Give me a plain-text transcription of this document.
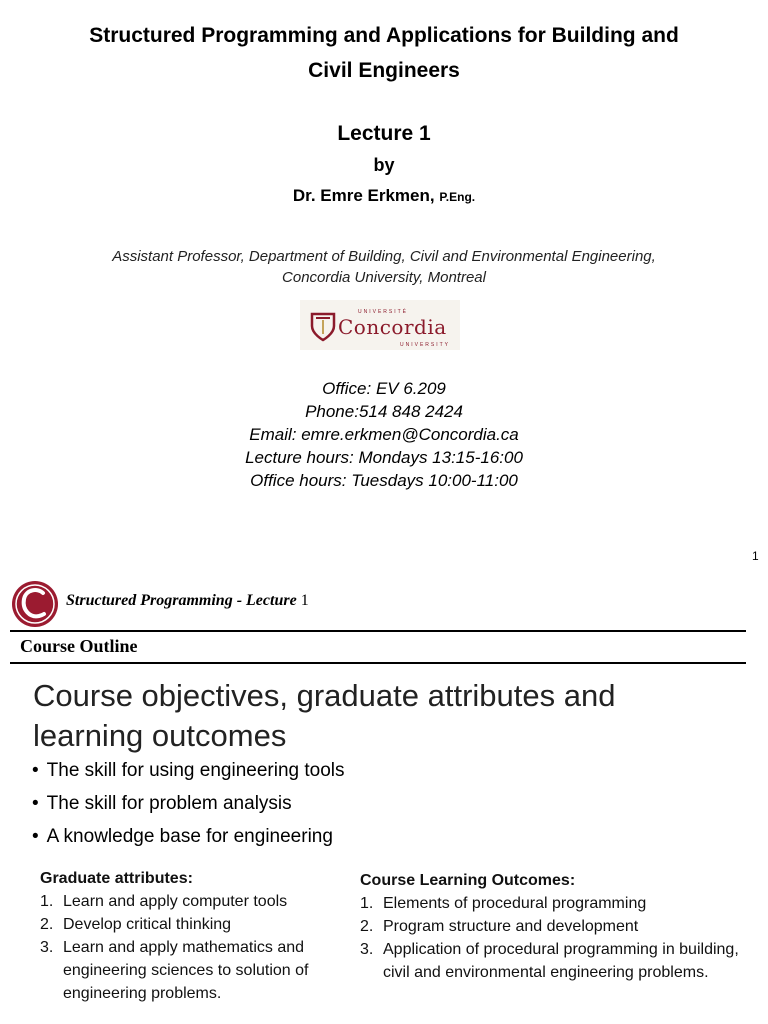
Structured Programming and Applications for Building and
Civil Engineers
Lecture 1
by
Dr. Emre Erkmen, P.Eng.
Assistant Professor, Department of Building, Civil and Environmental Engineering,
Concordia University, Montreal
UNIVERSITÉ
Concordia
UNIVERSITY
Office: EV 6.209
Phone:514 848 2424
Email: emre.erkmen@Concordia.ca
Lecture hours: Mondays 13:15-16:00
Office hours: Tuesdays 10:00-11:00
1
Structured Programming - Lecture 1
Course Outline
Course objectives, graduate attributes and
learning outcomes
• The skill for using engineering tools
• The skill for problem analysis
• A knowledge base for engineering
Graduate attributes:
1. Learn and apply computer tools
2. Develop critical thinking
3. Learn and apply mathematics and engineering sciences to solution of engineering problems.
Course Learning Outcomes:
1. Elements of procedural programming
2. Program structure and development
3. Application of procedural programming in building, civil and environmental engineering problems.
